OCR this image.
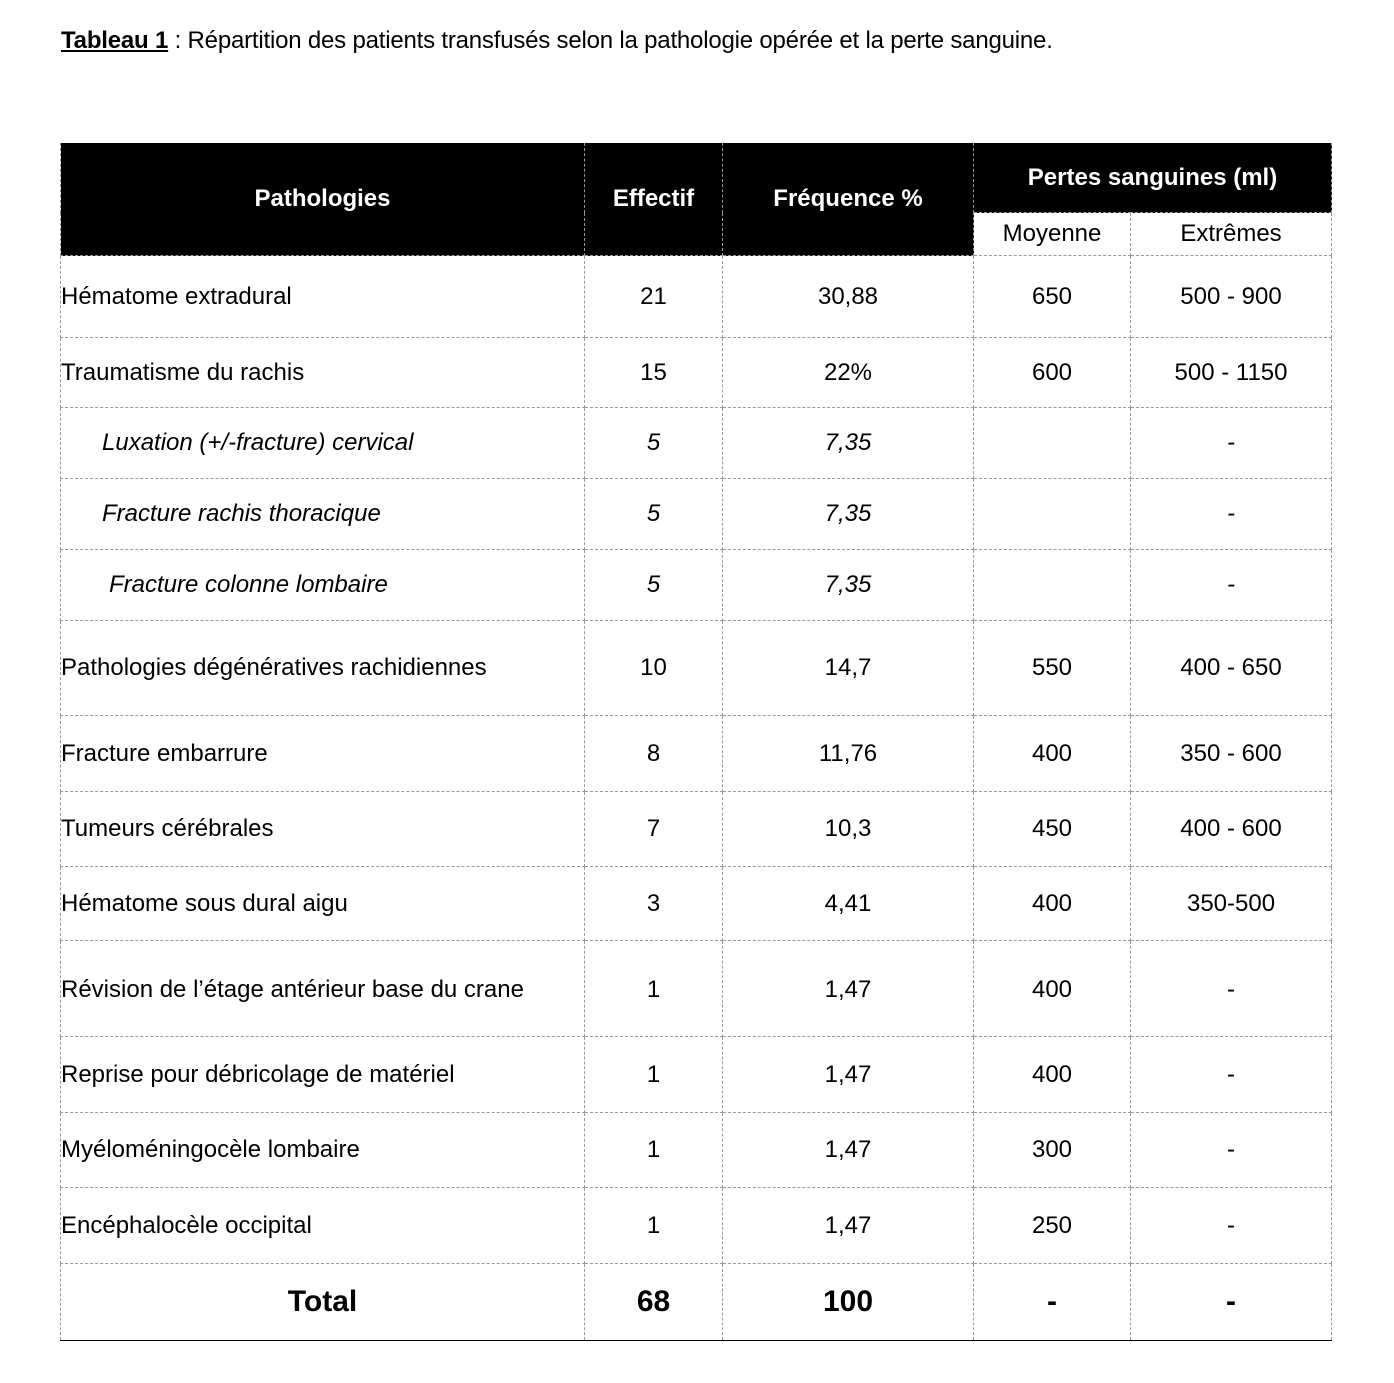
Tableau 1 : Répartition des patients transfusés selon la pathologie opérée et la perte sanguine.
Pathologies	Effectif	Fréquence %	Pertes sanguines (ml)	
			Moyenne	Extrêmes
Hématome extradural	21	30,88	650	500 - 900
Traumatisme du rachis	15	22%	600	500 - 1150
Luxation (+/-fracture) cervical	5	7,35		-
Fracture rachis thoracique	5	7,35		-
Fracture colonne lombaire	5	7,35		-
Pathologies dégénératives rachidiennes	10	14,7	550	400 - 650
Fracture embarrure	8	11,76	400	350 - 600
Tumeurs cérébrales	7	10,3	450	400 - 600
Hématome sous dural aigu	3	4,41	400	350-500
Révision de l’étage antérieur base du crane	1	1,47	400	-
Reprise pour débricolage de matériel	1	1,47	400	-
Myéloméningocèle lombaire	1	1,47	300	-
Encéphalocèle occipital	1	1,47	250	-
Total	68	100	-	-
